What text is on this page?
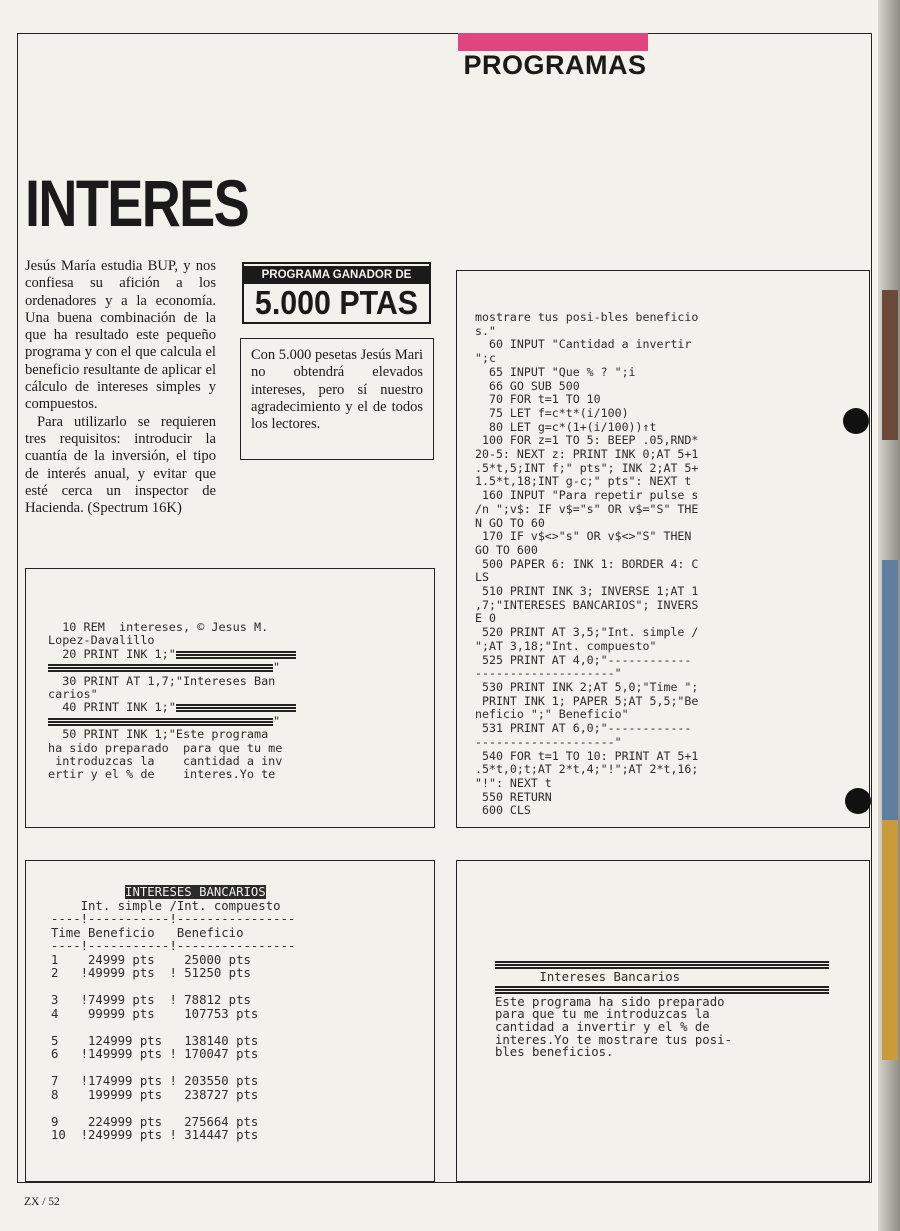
PROGRAMAS
INTERES

Jesús María estudia BUP, y nos confiesa su afición a los ordenadores y a la economía. Una buena combinación de la que ha resultado este pequeño programa y con el que calcula el beneficio resultante de aplicar el cálculo de intereses simples y compuestos.

Para utilizarlo se requieren tres requisitos: introducir la cuantía de la inversión, el tipo de interés anual, y evitar que esté cerca un inspector de Hacienda. (Spectrum 16K)

PROGRAMA GANADOR DE
5.000 PTAS
Con 5.000 pesetas Jesús Mari no obtendrá elevados intereses, pero sí nuestro agradecimiento y el de todos los lectores.
10 REM  intereses, © Jesus M.
Lopez-Davalillo
20 PRINT INK 1;"
"
30 PRINT AT 1,7;"Intereses Ban
carios"
40 PRINT INK 1;"
"
50 PRINT INK 1;"Este programa
ha sido preparado  para que tu me
introduzcas la    cantidad a inv
ertir y el % de    interes.Yo te
mostrare tus posi-bles beneficio
s."
60 INPUT "Cantidad a invertir
";c
65 INPUT "Que % ? ";i
66 GO SUB 500
70 FOR t=1 TO 10
75 LET f=c*t*(i/100)
80 LET g=c*(1+(i/100))↑t
100 FOR z=1 TO 5: BEEP .05,RND*
20-5: NEXT z: PRINT INK 0;AT 5+1
.5*t,5;INT f;" pts"; INK 2;AT 5+
1.5*t,18;INT g-c;" pts": NEXT t
160 INPUT "Para repetir pulse s
/n ";v$: IF v$="s" OR v$="S" THE
N GO TO 60
170 IF v$<>"s" OR v$<>"S" THEN
GO TO 600
500 PAPER 6: INK 1: BORDER 4: C
LS
510 PRINT INK 3; INVERSE 1;AT 1
,7;"INTERESES BANCARIOS"; INVERS
E 0
520 PRINT AT 3,5;"Int. simple /
";AT 3,18;"Int. compuesto"
525 PRINT AT 4,0;"------------
--------------------"
530 PRINT INK 2;AT 5,0;"Time ";
PRINT INK 1; PAPER 5;AT 5,5;"Be
neficio ";" Beneficio"
531 PRINT AT 6,0;"------------
--------------------"
540 FOR t=1 TO 10: PRINT AT 5+1
.5*t,0;t;AT 2*t,4;"!";AT 2*t,16;
"!": NEXT t
550 RETURN
600 CLS
INTERESES BANCARIOS
Int. simple /Int. compuesto
----!-----------!----------------
Time Beneficio   Beneficio
----!-----------!----------------
1    24999 pts    25000 pts
2   !49999 pts  ! 51250 pts

3   !74999 pts  ! 78812 pts
4    99999 pts    107753 pts

5    124999 pts   138140 pts
6   !149999 pts ! 170047 pts

7   !174999 pts ! 203550 pts
8    199999 pts   238727 pts

9    224999 pts   275664 pts
10  !249999 pts ! 314447 pts

Intereses Bancarios

Este programa ha sido preparado
para que tu me introduzcas la
cantidad a invertir y el % de
interes.Yo te mostrare tus posi-
bles beneficios.
ZX / 52
